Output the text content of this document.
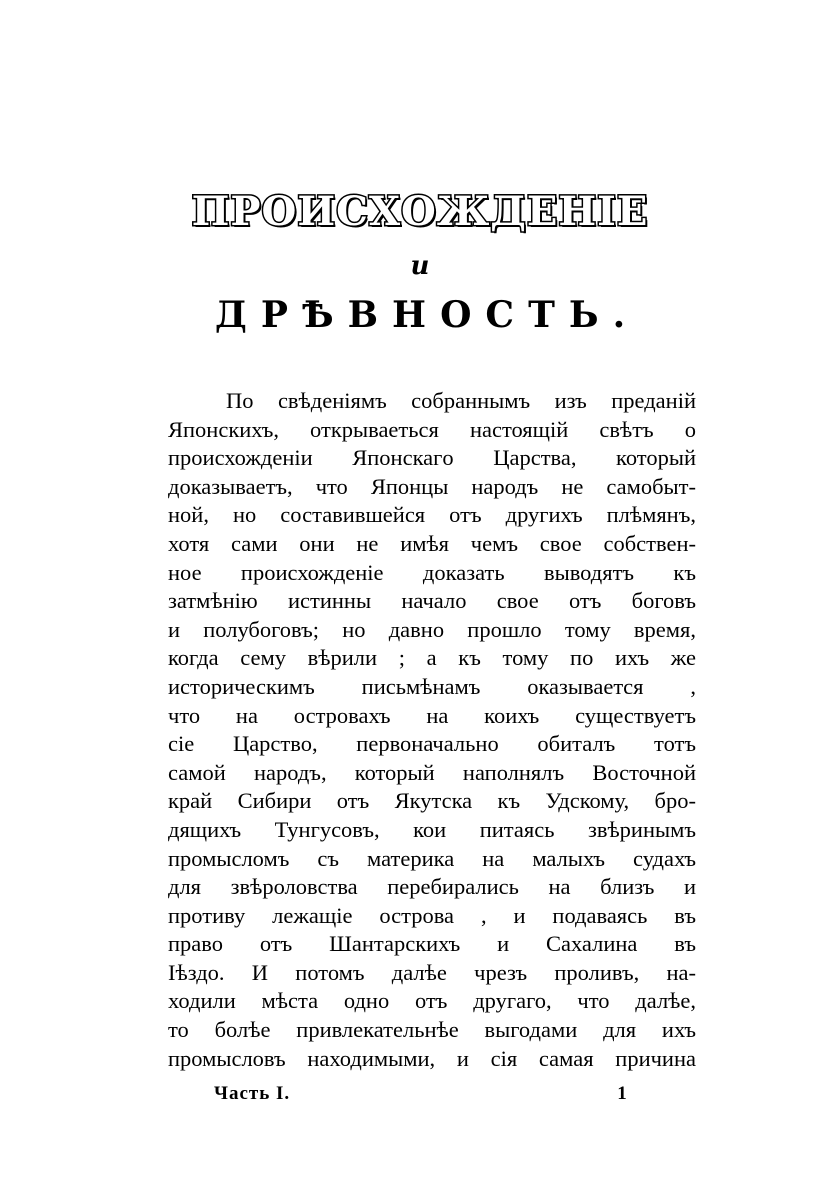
ПРОИСХОЖДЕНIЕ
и
ДРѢВНОСТЬ.
По свѣденiямъ собраннымъ изъ преданiй
Японскихъ, открываеться настоящiй свѣтъ о
происхожденiи Японскагo Царства, который
доказываетъ, что Японцы народъ не самобыт-
ной, но составившейся отъ другихъ плѣмянъ,
хотя сами они не имѣя чемъ свое собствен-
ное происхожденiе доказать выводятъ къ
затмѣнiю истинны начало свое отъ боговъ
и полубоговъ; но давно прошло тому время,
когда сему вѣрили ; а къ тому по ихъ же
историческимъ письмѣнамъ оказываетcя ,
что на островахъ на коихъ существуетъ
сiе Царство, первоначально обиталъ тотъ
самой народъ, который наполнялъ Восточной
край Сибири отъ Якутска къ Удскому, бро-
дящихъ Тунгусовъ, кои питаясь звѣринымъ
промысломъ съ материка на малыхъ судахъ
для звѣроловства перебирались на близъ и
противу лежащiе острова , и подаваясь въ
право отъ Шантарскихъ и Сахалина въ
Iѣздо. И потомъ далѣе чрезъ проливъ, на-
ходили мѣста одно отъ другаго, что далѣе,
то болѣе привлекательнѣе выгодами для ихъ
промысловъ находимыми, и сiя самая причина
Часть I.	1
